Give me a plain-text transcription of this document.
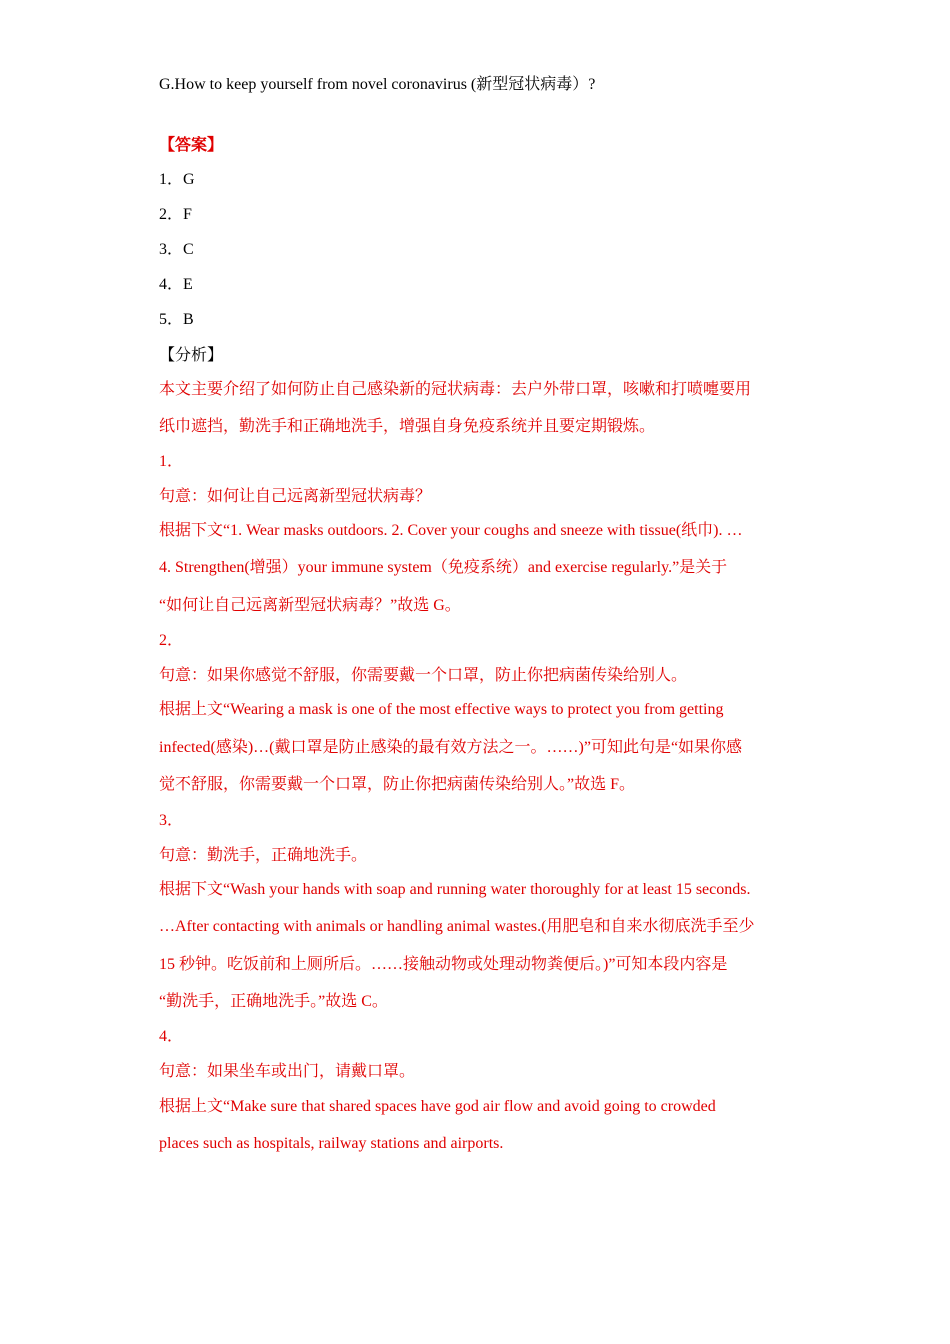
G.How to keep yourself from novel coronavirus (新型冠状病毒）?
【答案】
1．G
2．F
3．C
4．E
5．B
【分析】
本文主要介绍了如何防止自己感染新的冠状病毒：去户外带口罩，咳嗽和打喷嚏要用
纸巾遮挡，勤洗手和正确地洗手，增强自身免疫系统并且要定期锻炼。
1．
句意：如何让自己远离新型冠状病毒？
根据下文“1. Wear masks outdoors. 2. Cover your coughs and sneeze with tissue(纸巾). …
4. Strengthen(增强）your immune system（免疫系统）and exercise regularly.”是关于
“如何让自己远离新型冠状病毒？”故选 G。
2．
句意：如果你感觉不舒服，你需要戴一个口罩，防止你把病菌传染给别人。
根据上文“Wearing a mask is one of the most effective ways to protect you from getting
infected(感染)…(戴口罩是防止感染的最有效方法之一。……)”可知此句是“如果你感
觉不舒服，你需要戴一个口罩，防止你把病菌传染给别人。”故选 F。
3．
句意：勤洗手，正确地洗手。
根据下文“Wash your hands with soap and running water thoroughly for at least 15 seconds.
…After contacting with animals or handling animal wastes.(用肥皂和自来水彻底洗手至少
15 秒钟。吃饭前和上厕所后。……接触动物或处理动物粪便后。)”可知本段内容是
“勤洗手，正确地洗手。”故选 C。
4．
句意：如果坐车或出门，请戴口罩。
根据上文“Make sure that shared spaces have god air flow and avoid going to crowded
places such as hospitals, railway stations and airports.
